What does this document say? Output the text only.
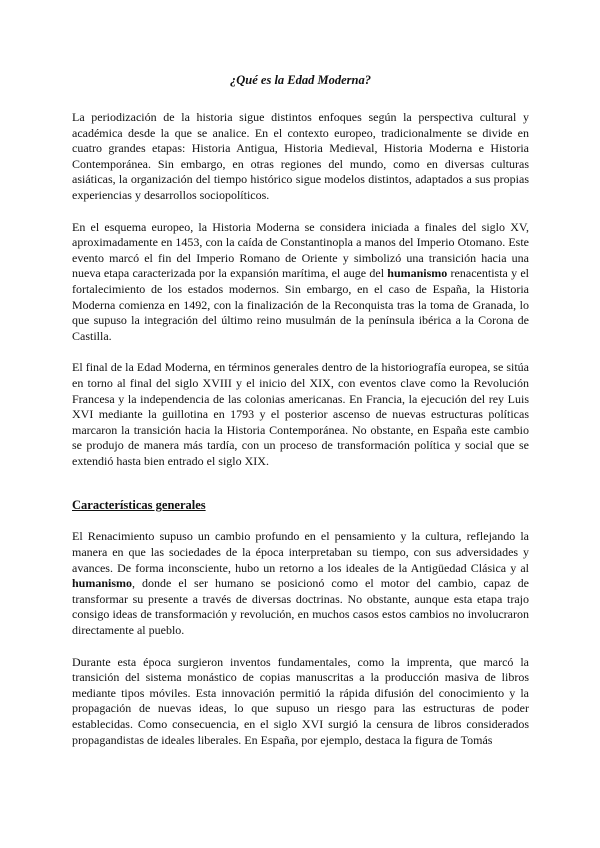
¿Qué es la Edad Moderna?

La periodización de la historia sigue distintos enfoques según la perspectiva cultural y académica desde la que se analice. En el contexto europeo, tradicionalmente se divide en cuatro grandes etapas: Historia Antigua, Historia Medieval, Historia Moderna e Historia Contemporánea. Sin embargo, en otras regiones del mundo, como en diversas culturas asiáticas, la organización del tiempo histórico sigue modelos distintos, adaptados a sus propias experiencias y desarrollos sociopolíticos.

En el esquema europeo, la Historia Moderna se considera iniciada a finales del siglo XV, aproximadamente en 1453, con la caída de Constantinopla a manos del Imperio Otomano. Este evento marcó el fin del Imperio Romano de Oriente y simbolizó una transición hacia una nueva etapa caracterizada por la expansión marítima, el auge del humanismo renacentista y el fortalecimiento de los estados modernos. Sin embargo, en el caso de España, la Historia Moderna comienza en 1492, con la finalización de la Reconquista tras la toma de Granada, lo que supuso la integración del último reino musulmán de la península ibérica a la Corona de Castilla.

El final de la Edad Moderna, en términos generales dentro de la historiografía europea, se sitúa en torno al final del siglo XVIII y el inicio del XIX, con eventos clave como la Revolución Francesa y la independencia de las colonias americanas. En Francia, la ejecución del rey Luis XVI mediante la guillotina en 1793 y el posterior ascenso de nuevas estructuras políticas marcaron la transición hacia la Historia Contemporánea. No obstante, en España este cambio se produjo de manera más tardía, con un proceso de transformación política y social que se extendió hasta bien entrado el siglo XIX.

Características generales

El Renacimiento supuso un cambio profundo en el pensamiento y la cultura, reflejando la manera en que las sociedades de la época interpretaban su tiempo, con sus adversidades y avances. De forma inconsciente, hubo un retorno a los ideales de la Antigüedad Clásica y al humanismo, donde el ser humano se posicionó como el motor del cambio, capaz de transformar su presente a través de diversas doctrinas. No obstante, aunque esta etapa trajo consigo ideas de transformación y revolución, en muchos casos estos cambios no involucraron directamente al pueblo.

Durante esta época surgieron inventos fundamentales, como la imprenta, que marcó la transición del sistema monástico de copias manuscritas a la producción masiva de libros mediante tipos móviles. Esta innovación permitió la rápida difusión del conocimiento y la propagación de nuevas ideas, lo que supuso un riesgo para las estructuras de poder establecidas. Como consecuencia, en el siglo XVI surgió la censura de libros considerados propagandistas de ideales liberales. En España, por ejemplo, destaca la figura de Tomás
